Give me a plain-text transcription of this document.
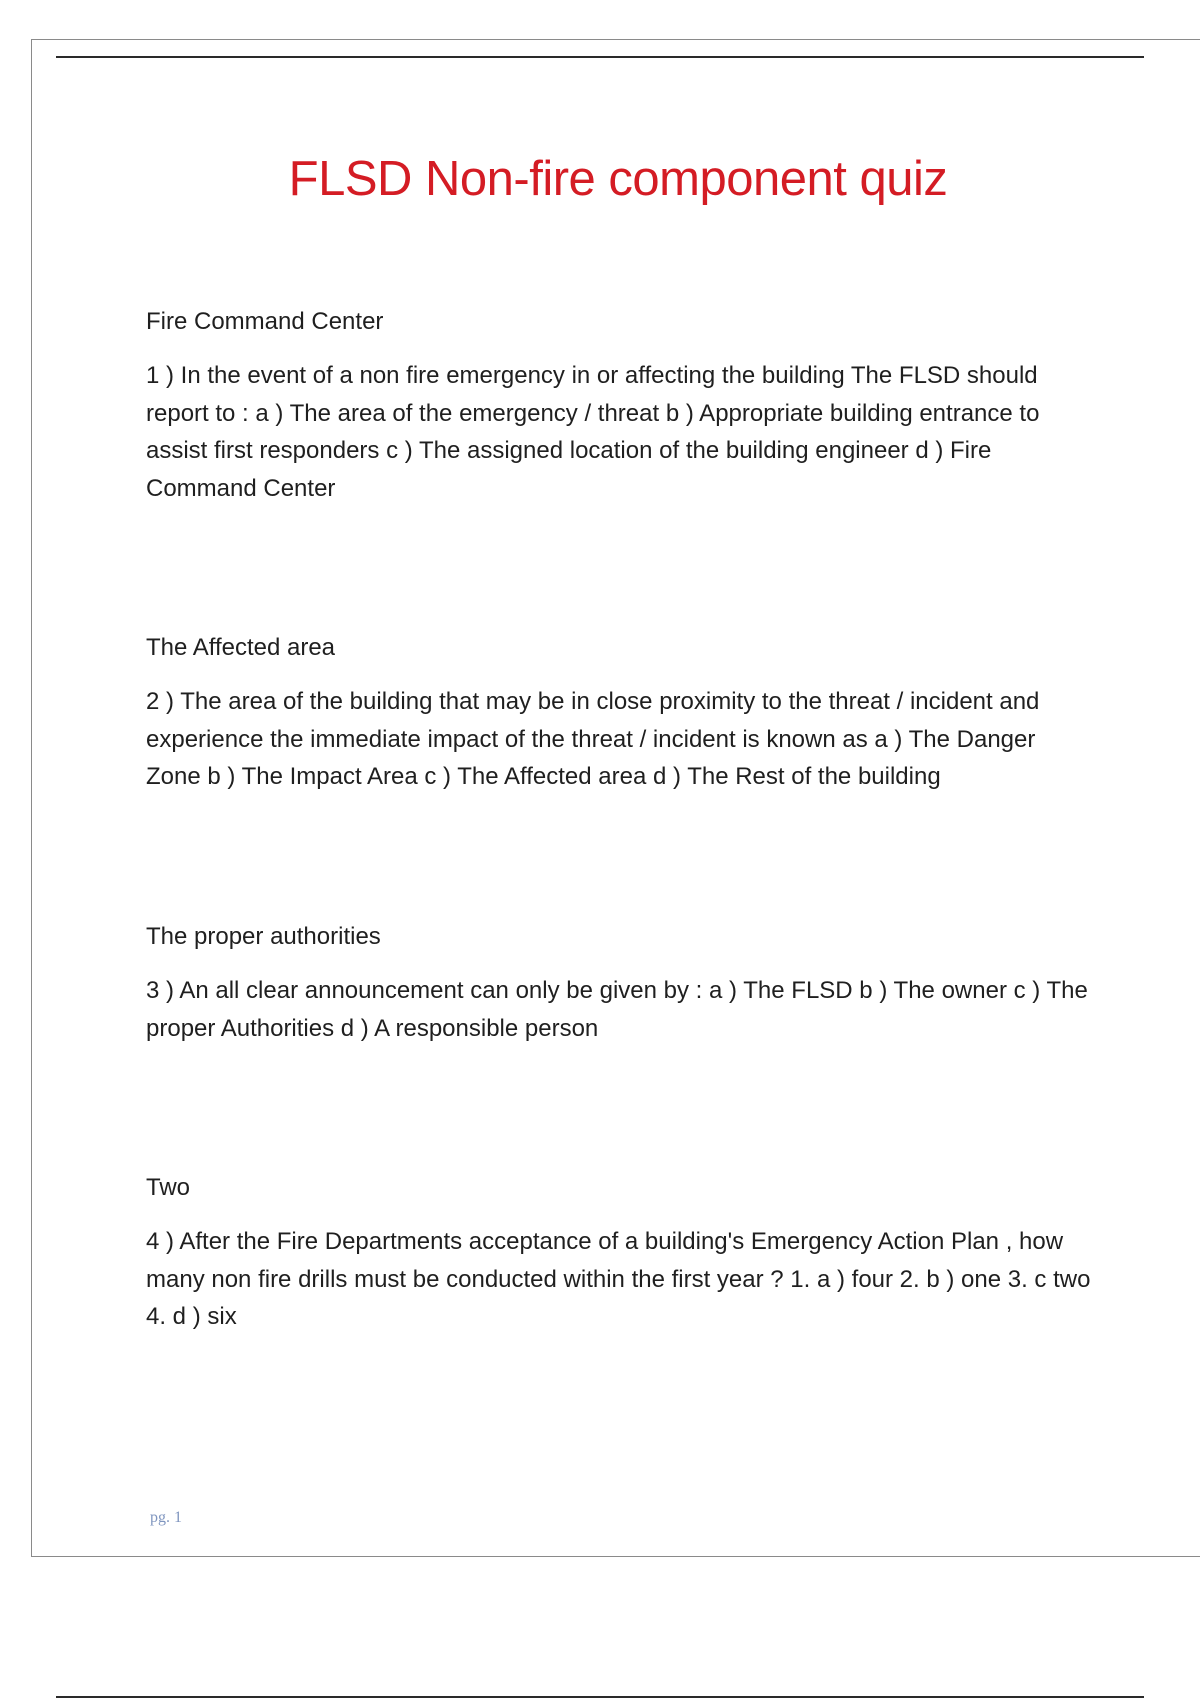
FLSD Non-fire component quiz

Fire Command Center

1 ) In the event of a non fire emergency in or affecting the building The FLSD should report to : a ) The area of the emergency / threat b ) Appropriate building entrance to assist first responders c ) The assigned location of the building engineer d ) Fire Command Center

The Affected area

2 ) The area of the building that may be in close proximity to the threat / incident and experience the immediate impact of the threat / incident is known as a ) The Danger Zone b ) The Impact Area c ) The Affected area d ) The Rest of the building

The proper authorities

3 ) An all clear announcement can only be given by : a ) The FLSD b ) The owner c ) The proper Authorities d ) A responsible person

Two

4 ) After the Fire Departments acceptance of a building's Emergency Action Plan , how many non fire drills must be conducted within the first year ? 1. a ) four 2. b ) one 3. c two 4. d ) six

pg. 1
